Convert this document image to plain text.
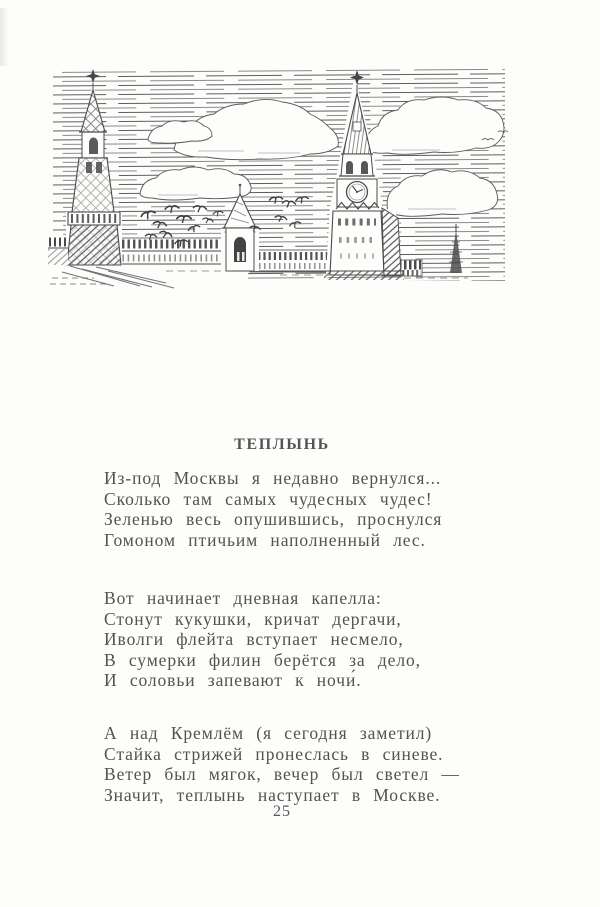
ТЕПЛЫНЬ
Из-под Москвы я недавно вернулся...
Сколько там самых чудесных чудес!
Зеленью весь опушившись, проснулся
Гомоном птичьим наполненный лес.
Вот начинает дневная капелла:
Стонут кукушки, кричат дергачи,
Иволги флейта вступает несмело,
В сумерки филин берётся за дело,
И соловьи запевают к ночи́.
А над Кремлём (я сегодня заметил)
Стайка стрижей пронеслась в синеве.
Ветер был мягок, вечер был светел —
Значит, теплынь наступает в Москве.
25
